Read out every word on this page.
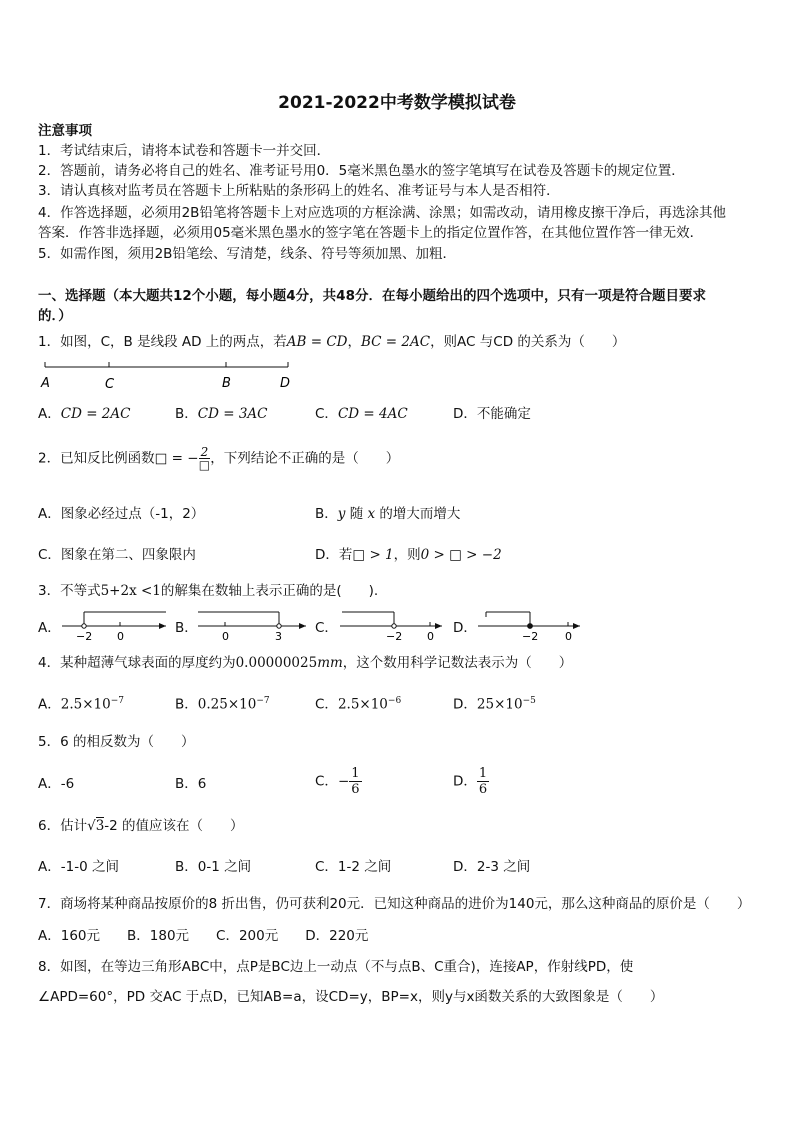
2021-2022中考数学模拟试卷
注意事项
1．考试结束后，请将本试卷和答题卡一并交回．
2．答题前，请务必将自己的姓名、准考证号用0．5毫米黑色墨水的签字笔填写在试卷及答题卡的规定位置．
3．请认真核对监考员在答题卡上所粘贴的条形码上的姓名、准考证号与本人是否相符．
4．作答选择题，必须用2B铅笔将答题卡上对应选项的方框涂满、涂黑；如需改动，请用橡皮擦干净后，再选涂其他
答案．作答非选择题，必须用05毫米黑色墨水的签字笔在答题卡上的指定位置作答，在其他位置作答一律无效．
5．如需作图，须用2B铅笔绘、写清楚，线条、符号等须加黑、加粗．
一、选择题（本大题共12个小题，每小题4分，共48分．在每小题给出的四个选项中，只有一项是符合题目要求
的．）
1．如图，C，B 是线段 AD 上的两点，若AB = CD，BC = 2AC，则AC 与CD 的关系为（　　）
A	C	B	D
A．CD = 2AC	B．CD = 3AC	C．CD = 4AC	D．不能确定
2．已知反比例函数□ = − $\frac{2}{□}$ ，下列结论不正确的是（　　）
A．图象必经过点（-1，2）	B．y 随 x 的增大而增大
C．图象在第二、四象限内	D．若□ > 1，则0 > □ > −2
3．不等式5+2x <1的解集在数轴上表示正确的是(　　).
A．
−2 0
B．
0	3
C．
−2 0
D．
−2 0
4．某种超薄气球表面的厚度约为0.00000025mm，这个数用科学记数法表示为（　　）
A．$2.5\times 10^{-7}$	B．$0.25\times 10^{-7}$	C．$2.5\times 10^{-6}$	D．$25\times 10^{-5}$
5．6 的相反数为（　　）
A．-6	B．6	C．− $\frac{1}{6}$	D． $\frac{1}{6}$
6．估计√3-2 的值应该在（　　）
A．-1-0 之间	B．0-1 之间	C．1-2 之间	D．2-3 之间
7．商场将某种商品按原价的8 折出售，仍可获利20元．已知这种商品的进价为140元，那么这种商品的原价是（　　）
A．160元　　B．180元　　C．200元　　D．220元
8．如图，在等边三角形ABC中，点P是BC边上一动点（不与点B、C重合)，连接AP，作射线PD，使
∠APD=60°，PD 交AC 于点D，已知AB=a，设CD=y，BP=x，则y与x函数关系的大致图象是（　　）
